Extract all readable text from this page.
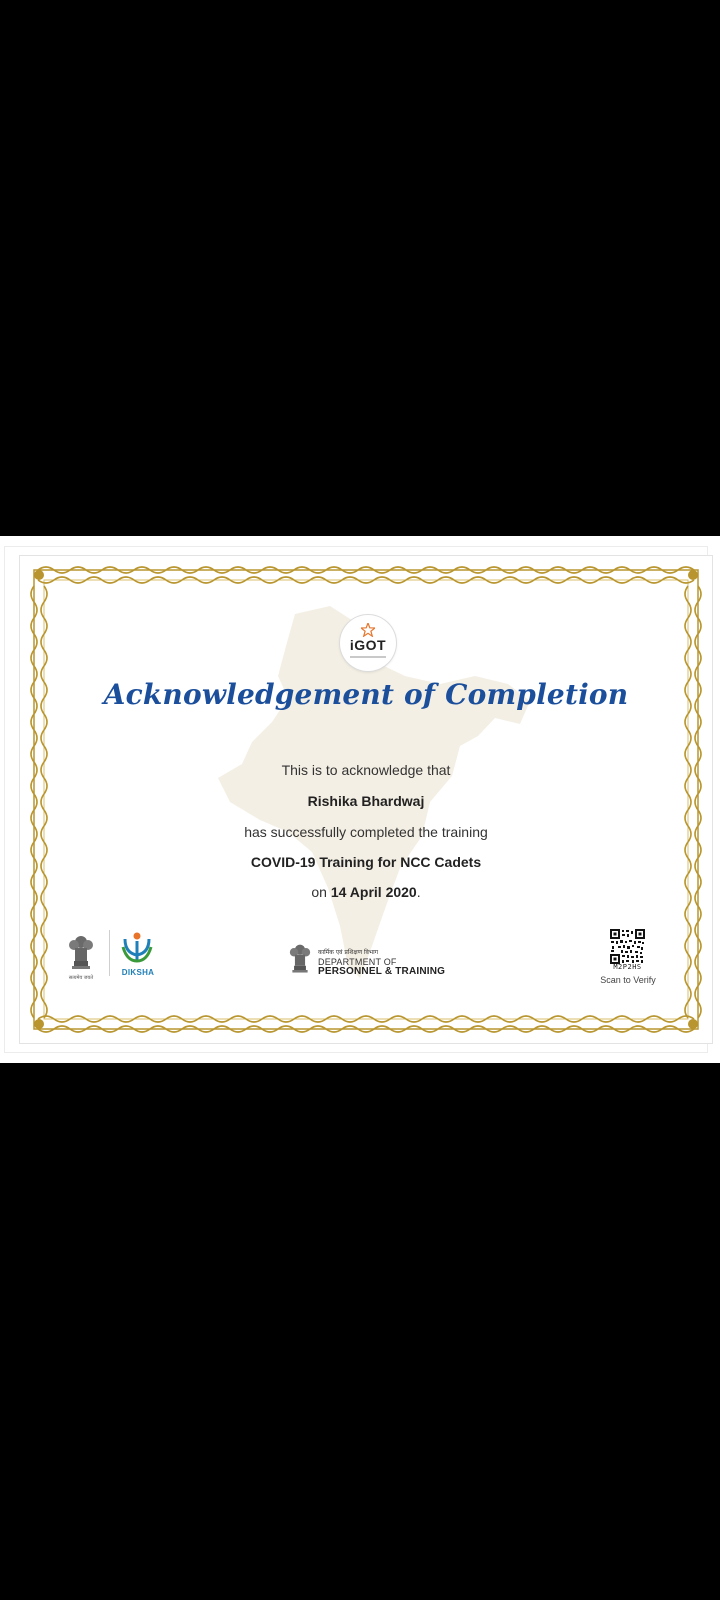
iGOT
Acknowledgement of Completion
This is to acknowledge that
Rishika Bhardwaj
has successfully completed the training
COVID-19 Training for NCC Cadets
on 14 April 2020.
सत्यमेव जयते
DIKSHA
कार्मिक एवं प्रशिक्षण विभाग
DEPARTMENT OF
PERSONNEL & TRAINING	M2P2HS
Scan to Verify
